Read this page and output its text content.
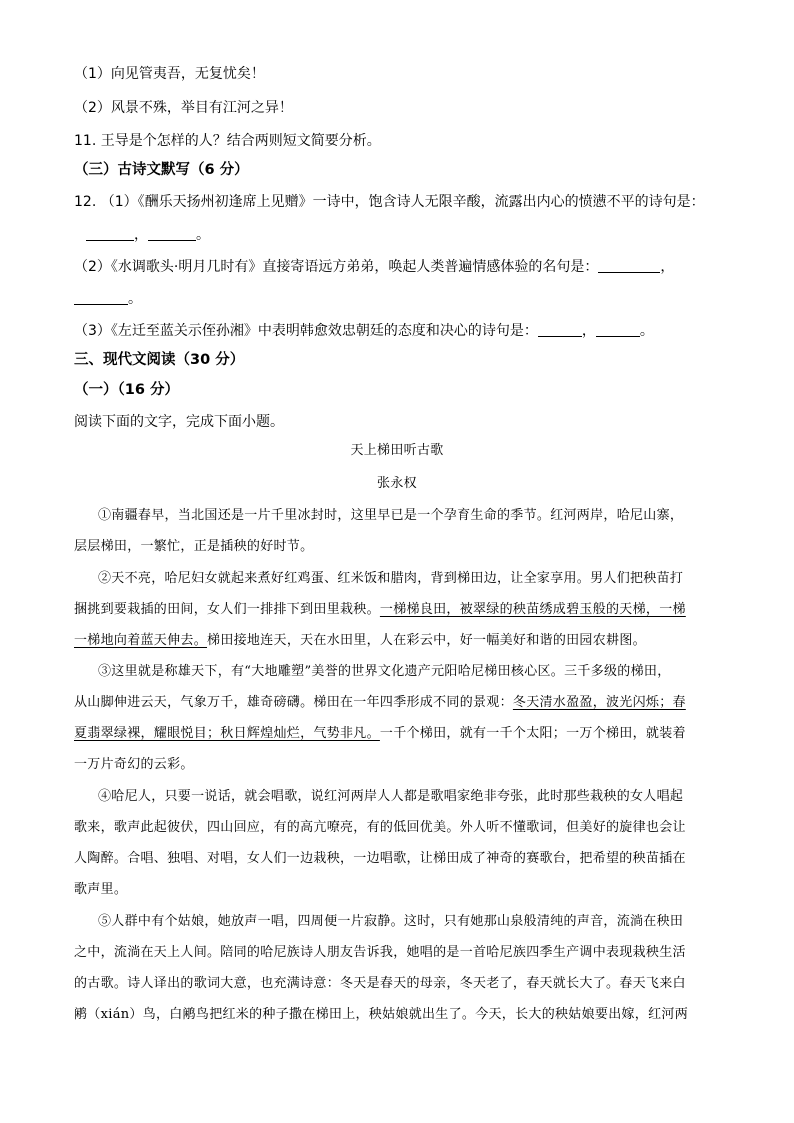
（1）向见管夷吾，无复忧矣！
（2）风景不殊，举目有江河之异！
11. 王导是个怎样的人？结合两则短文简要分析。
（三）古诗文默写（6 分）
12. （1）《酬乐天扬州初逢席上见赠》一诗中，饱含诗人无限辛酸，流露出内心的愤懑不平的诗句是：
，	。
（2）《水调歌头·明月几时有》直接寄语远方弟弟，唤起人类普遍情感体验的名句是：	，
。
（3）《左迁至蓝关示侄孙湘》中表明韩愈效忠朝廷的态度和决心的诗句是：	，	。
三、现代文阅读（30 分）
（一）（16 分）
阅读下面的文字，完成下面小题。
天上梯田听古歌
张永权
①南疆春早，当北国还是一片千里冰封时，这里早已是一个孕育生命的季节。红河两岸，哈尼山寨，
层层梯田，一繁忙，正是插秧的好时节。
②天不亮，哈尼妇女就起来煮好红鸡蛋、红米饭和腊肉，背到梯田边，让全家享用。男人们把秧苗打
捆挑到要栽插的田间，女人们一排排下到田里栽秧。一梯梯良田，被翠绿的秧苗绣成碧玉般的天梯，一梯
一梯地向着蓝天伸去。梯田接地连天，天在水田里，人在彩云中，好一幅美好和谐的田园农耕图。
③这里就是称雄天下，有“大地雕塑”美誉的世界文化遗产元阳哈尼梯田核心区。三千多级的梯田，
从山脚伸进云天，气象万千，雄奇磅礴。梯田在一年四季形成不同的景观：冬天清水盈盈，波光闪烁；春
夏翡翠绿裸，耀眼悦目；秋日辉煌灿烂，气势非凡。一千个梯田，就有一千个太阳；一万个梯田，就装着
一万片奇幻的云彩。
④哈尼人，只要一说话，就会唱歌，说红河两岸人人都是歌唱家绝非夸张，此时那些栽秧的女人唱起
歌来，歌声此起彼伏，四山回应，有的高亢嘹亮，有的低回优美。外人听不懂歌词，但美好的旋律也会让
人陶醉。合唱、独唱、对唱，女人们一边栽秧，一边唱歌，让梯田成了神奇的赛歌台，把希望的秧苗插在
歌声里。
⑤人群中有个姑娘，她放声一唱，四周便一片寂静。这时，只有她那山泉般清纯的声音，流淌在秧田
之中，流淌在天上人间。陪同的哈尼族诗人朋友告诉我，她唱的是一首哈尼族四季生产调中表现栽秧生活
的古歌。诗人译出的歌词大意，也充满诗意：冬天是春天的母亲，冬天老了，春天就长大了。春天飞来白
鹇（xián）鸟，白鹇鸟把红米的种子撒在梯田上，秧姑娘就出生了。今天，长大的秧姑娘要出嫁，红河两
